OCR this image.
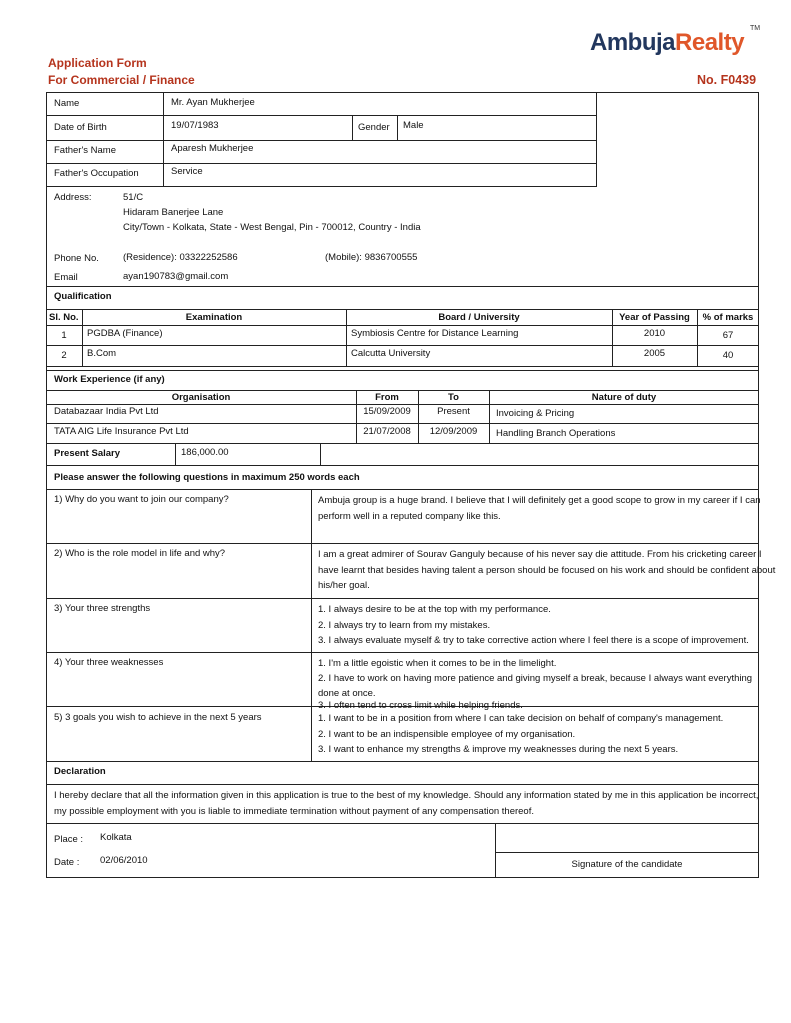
Application Form
For Commercial / Finance	No. F0439
AmbujaRealty
TM
Name	Mr. Ayan Mukherjee
Date of Birth	19/07/1983	Gender Male
Father's Name	Aparesh Mukherjee
Father's Occupation	Service
Address:	51/C
Hidaram Banerjee Lane
City/Town - Kolkata, State - West Bengal, Pin - 700012, Country - India
Phone No.	(Residence): 03322252586	(Mobile): 9836700555
Email	ayan190783@gmail.com
Qualification
Sl. No.	Examination	Board / University	Year of Passing	% of marks
1	PGDBA (Finance)	Symbiosis Centre for Distance Learning	2010	67
2	B.Com	Calcutta University	2005	40
Work Experience (if any)
Organisation	From	To	Nature of duty
Databazaar India Pvt Ltd	15/09/2009	Present	Invoicing & Pricing
TATA AIG Life Insurance Pvt Ltd	21/07/2008	12/09/2009	Handling Branch Operations
Present Salary	186,000.00
Please answer the following questions in maximum 250 words each
1) Why do you want to join our company?	Ambuja group is a huge brand. I believe that I will definitely get a good scope to grow in my career if I can
perform well in a reputed company like this.
2) Who is the role model in life and why?	I am a great admirer of Sourav Ganguly because of his never say die attitude. From his cricketing career I
have learnt that besides having talent a person should be focused on his work and should be confident about
his/her goal.
3) Your three strengths	1. I always desire to be at the top with my performance.
2. I always try to learn from my mistakes.
3. I always evaluate myself & try to take corrective action where I feel there is a scope of improvement.
4) Your three weaknesses	1. I'm a little egoistic when it comes to be in the limelight.
2. I have to work on having more patience and giving myself a break, because I always want everything
done at once.
3. I often tend to cross limit while helping friends.
5) 3 goals you wish to achieve in the next 5 years	1. I want to be in a position from where I can take decision on behalf of company's management.
2. I want to be an indispensible employee of my organisation.
3. I want to enhance my strengths & improve my weaknesses during the next 5 years.
Declaration
I hereby declare that all the information given in this application is true to the best of my knowledge. Should any information stated by me in this application be incorrect,
my possible employment with you is liable to immediate termination without payment of any compensation thereof.
Place : Kolkata
Date : 02/06/2010	Signature of the candidate
